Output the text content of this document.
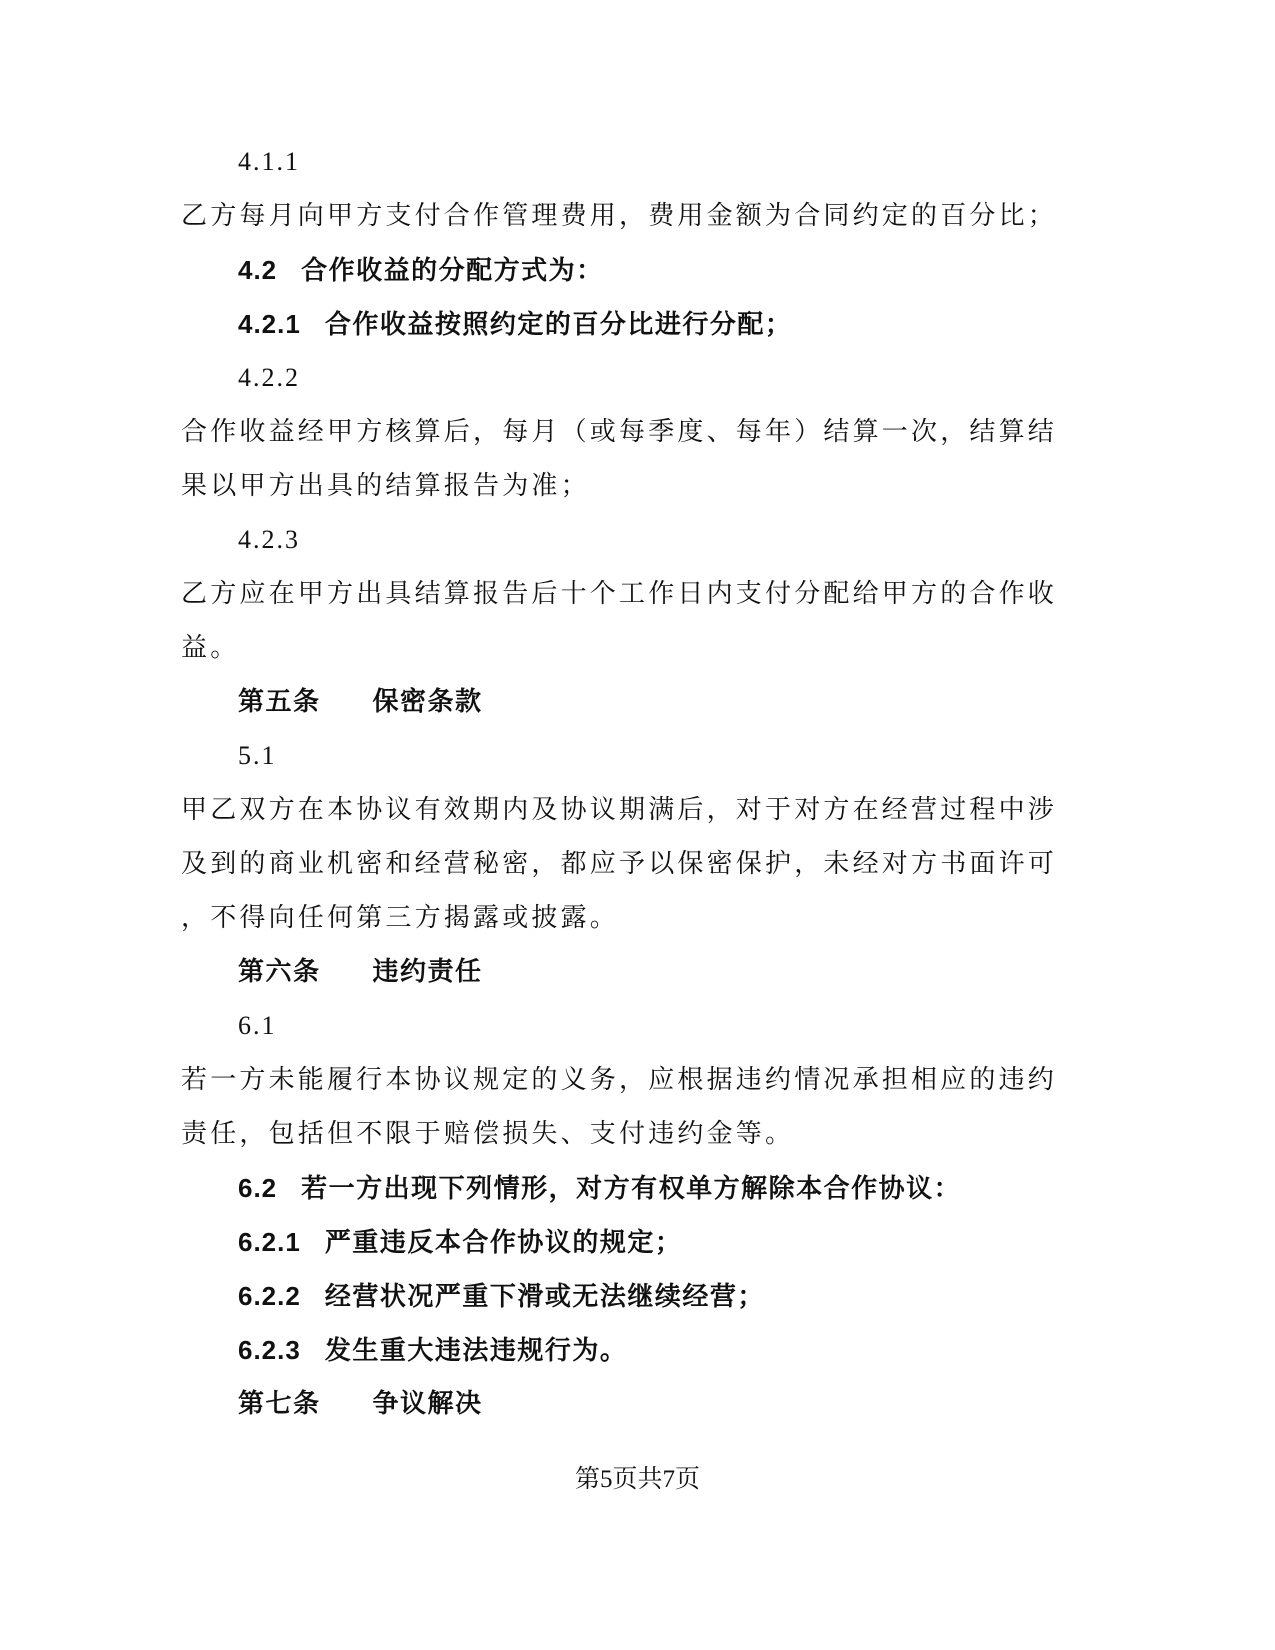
4.1.1
乙方每月向甲方支付合作管理费用，费用金额为合同约定的百分比；
4.2 合作收益的分配方式为：
4.2.1 合作收益按照约定的百分比进行分配；
4.2.2
合作收益经甲方核算后，每月（或每季度、每年）结算一次，结算结
果以甲方出具的结算报告为准；
4.2.3
乙方应在甲方出具结算报告后十个工作日内支付分配给甲方的合作收
益。
第五条 保密条款
5.1
甲乙双方在本协议有效期内及协议期满后，对于对方在经营过程中涉
及到的商业机密和经营秘密，都应予以保密保护，未经对方书面许可
，不得向任何第三方揭露或披露。
第六条 违约责任
6.1
若一方未能履行本协议规定的义务，应根据违约情况承担相应的违约
责任，包括但不限于赔偿损失、支付违约金等。
6.2 若一方出现下列情形，对方有权单方解除本合作协议：
6.2.1 严重违反本合作协议的规定；
6.2.2 经营状况严重下滑或无法继续经营；
6.2.3 发生重大违法违规行为。
第七条 争议解决
第5页共7页
